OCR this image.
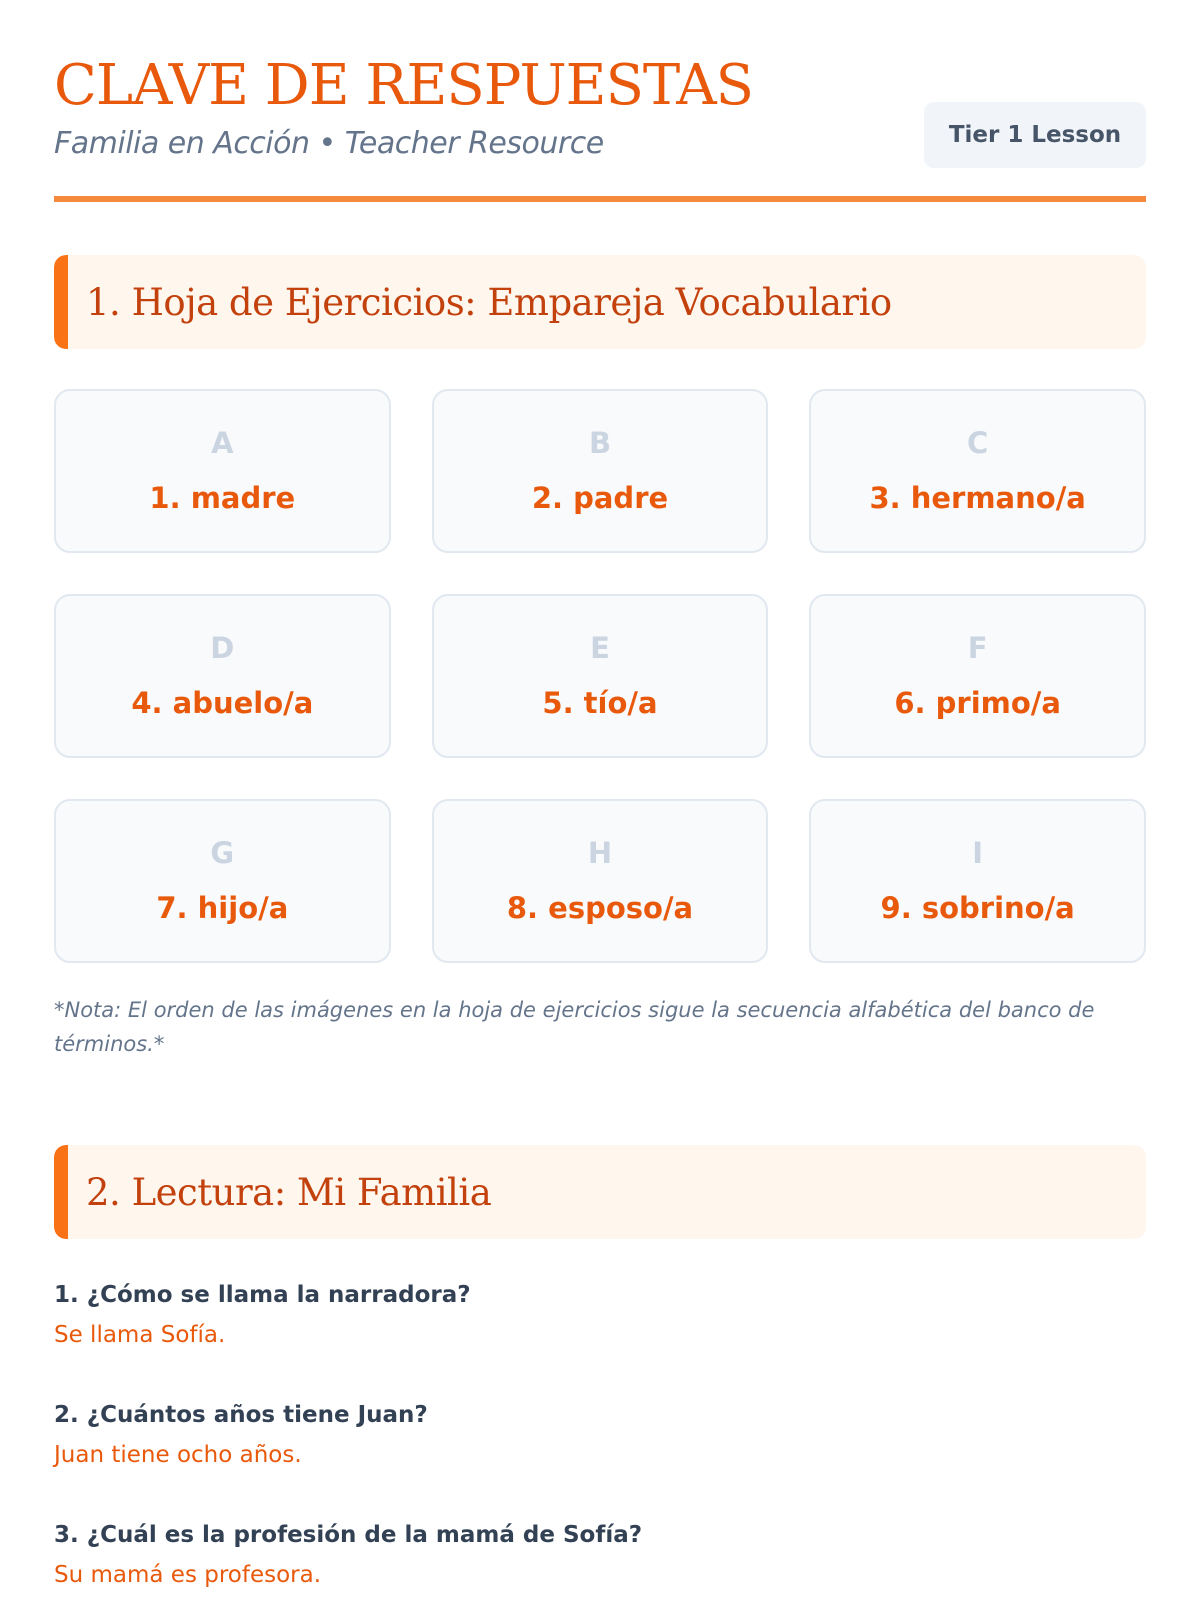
CLAVE DE RESPUESTAS
Familia en Acción • Teacher Resource	Tier 1 Lesson
1. Hoja de Ejercicios: Empareja Vocabulario
A
1. madre
B
2. padre
C
3. hermano/a
D
4. abuelo/a
E
5. tío/a
F
6. primo/a
G
7. hijo/a
H
8. esposo/a
I
9. sobrino/a

*Nota: El orden de las imágenes en la hoja de ejercicios sigue la secuencia alfabética del banco de términos.*

2. Lectura: Mi Familia
1. ¿Cómo se llama la narradora?
Se llama Sofía.
2. ¿Cuántos años tiene Juan?
Juan tiene ocho años.
3. ¿Cuál es la profesión de la mamá de Sofía?
Su mamá es profesora.
